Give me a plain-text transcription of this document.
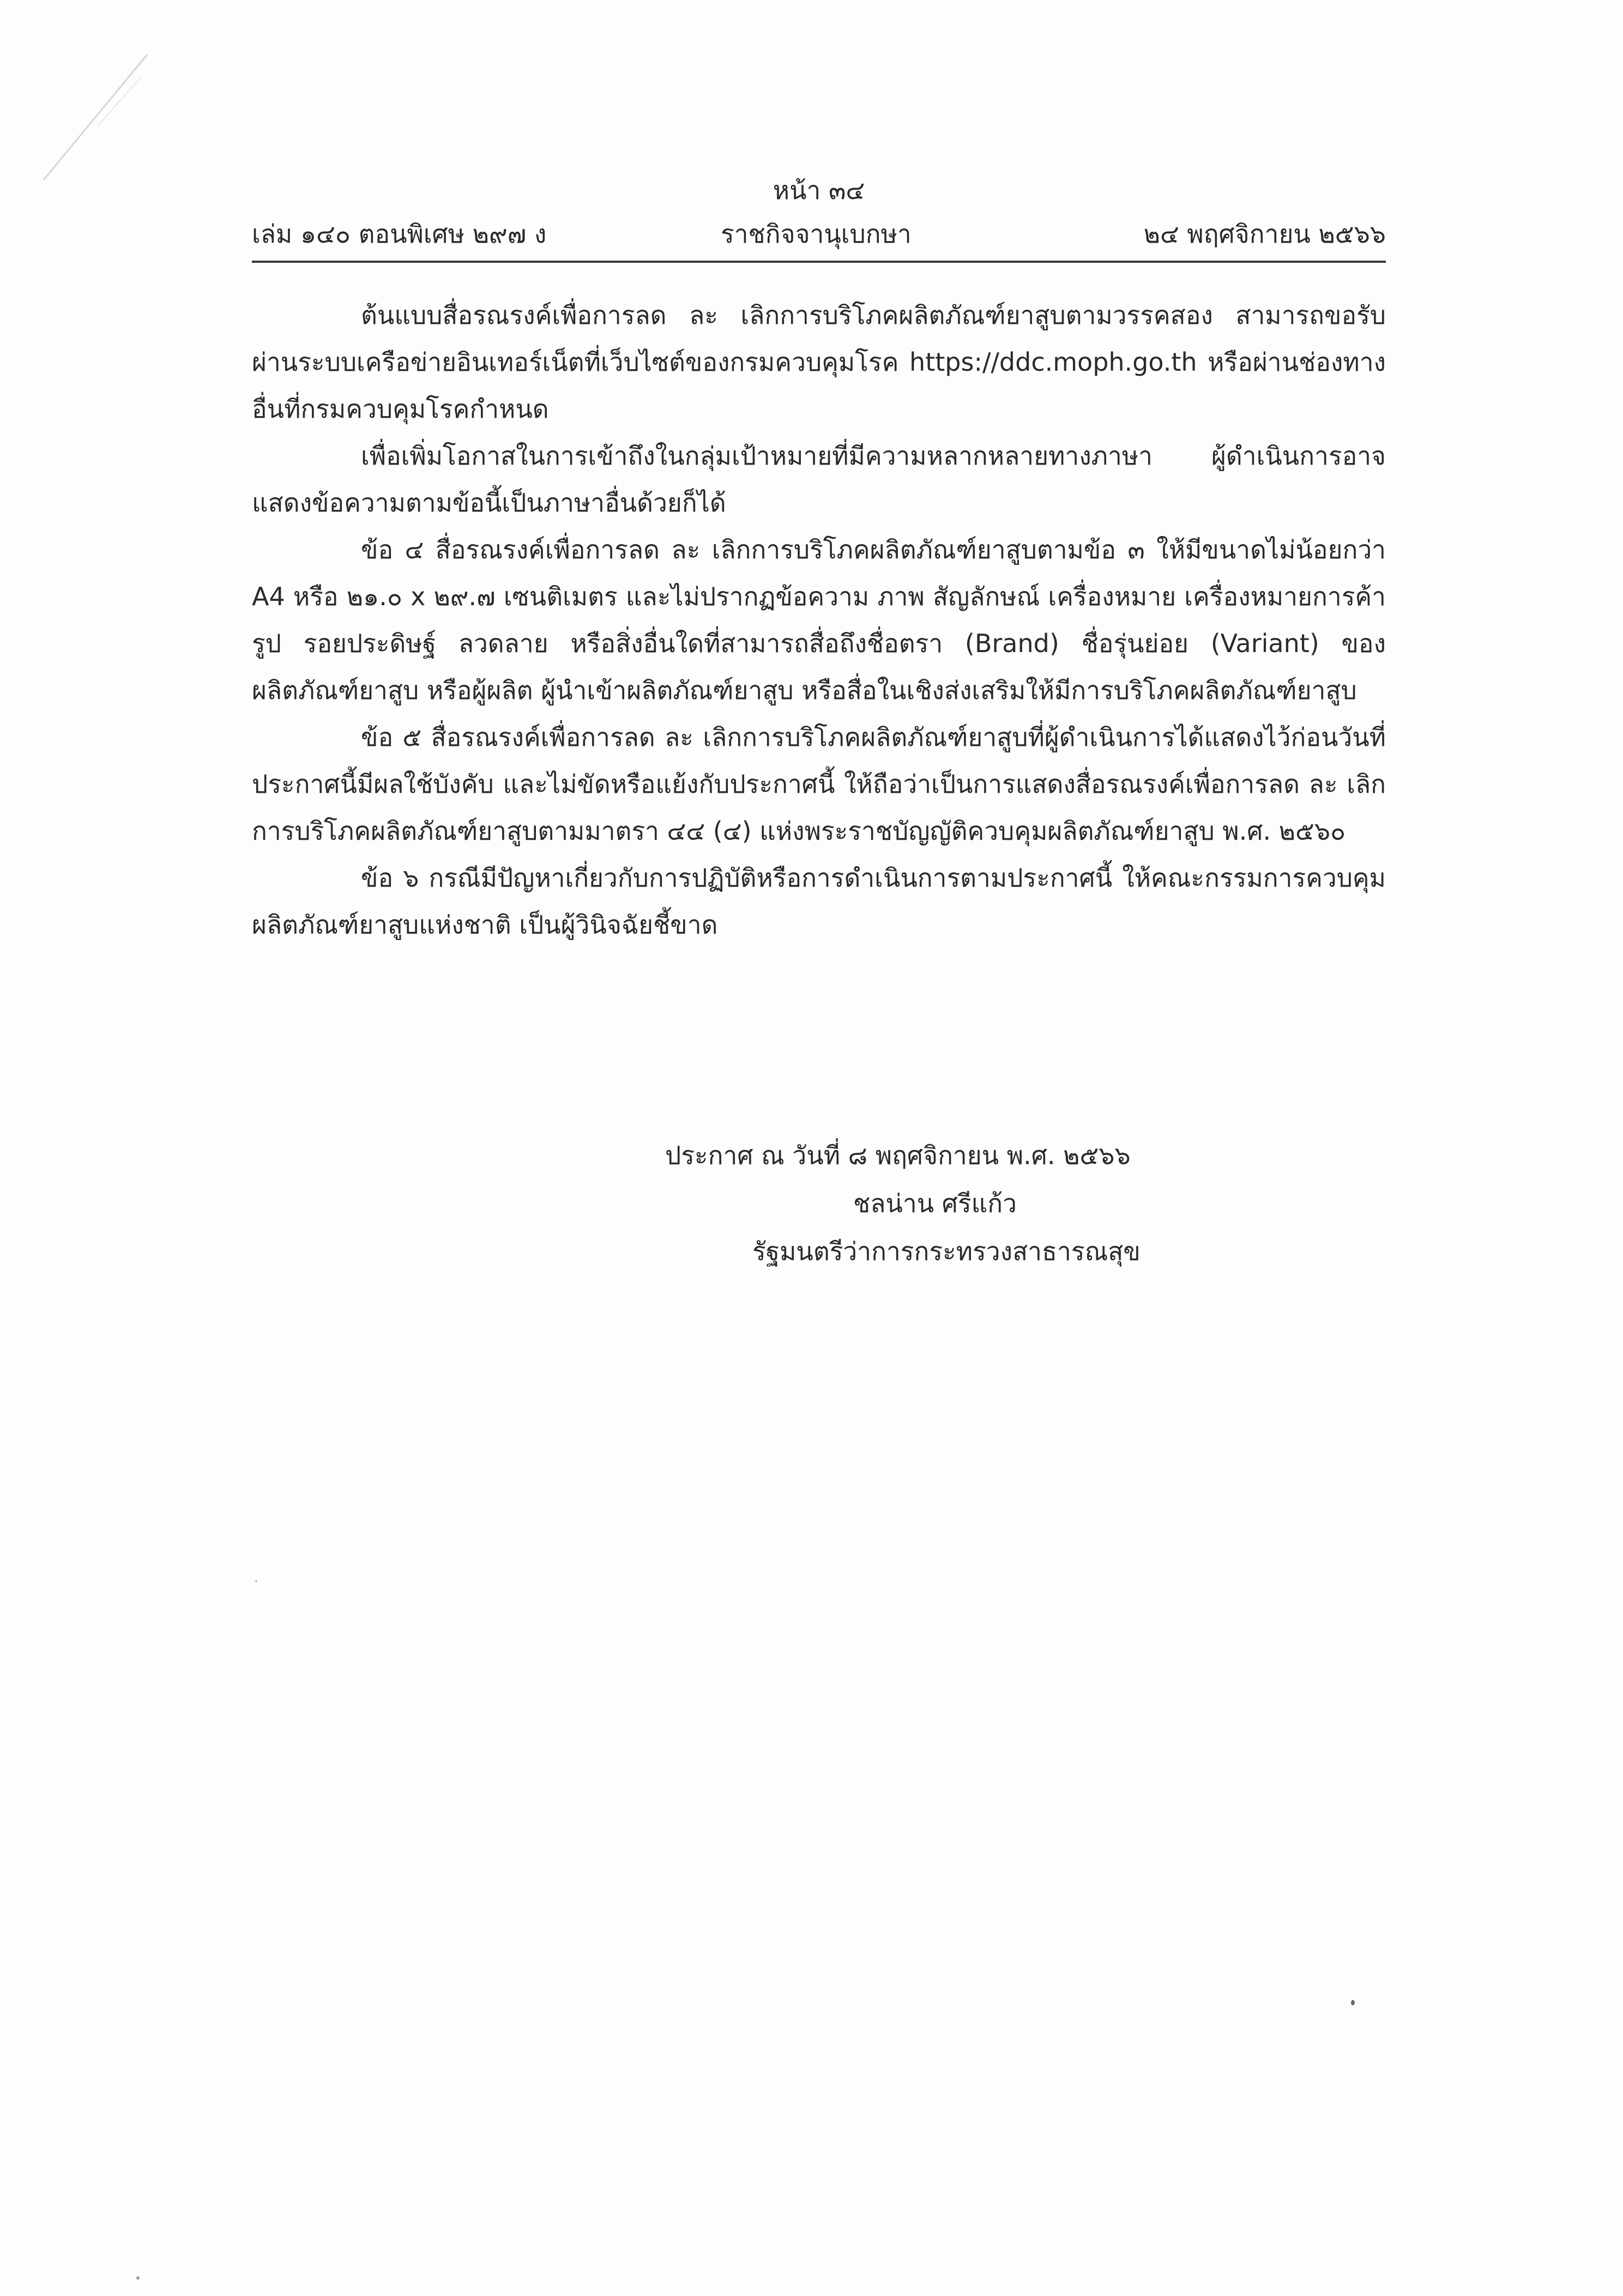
หน้า ๓๔
เล่ม ๑๔๐ ตอนพิเศษ ๒๙๗ ง	ราชกิจจานุเบกษา	๒๔ พฤศจิกายน ๒๕๖๖

ต้นแบบสื่อรณรงค์เพื่อการลด ละ เลิกการบริโภคผลิตภัณฑ์ยาสูบตามวรรคสอง สามารถขอรับผ่านระบบเครือข่ายอินเทอร์เน็ตที่เว็บไซต์ของกรมควบคุมโรค https://ddc.moph.go.th หรือผ่านช่องทางอื่นที่กรมควบคุมโรคกำหนด

เพื่อเพิ่มโอกาสในการเข้าถึงในกลุ่มเป้าหมายที่มีความหลากหลายทางภาษา ผู้ดำเนินการอาจแสดงข้อความตามข้อนี้เป็นภาษาอื่นด้วยก็ได้

ข้อ ๔ สื่อรณรงค์เพื่อการลด ละ เลิกการบริโภคผลิตภัณฑ์ยาสูบตามข้อ ๓ ให้มีขนาดไม่น้อยกว่า A4 หรือ ๒๑.๐ x ๒๙.๗ เซนติเมตร และไม่ปรากฏข้อความ ภาพ สัญลักษณ์ เครื่องหมาย เครื่องหมายการค้า รูป รอยประดิษฐ์ ลวดลาย หรือสิ่งอื่นใดที่สามารถสื่อถึงชื่อตรา (Brand) ชื่อรุ่นย่อย (Variant) ของผลิตภัณฑ์ยาสูบ หรือผู้ผลิต ผู้นำเข้าผลิตภัณฑ์ยาสูบ หรือสื่อในเชิงส่งเสริมให้มีการบริโภคผลิตภัณฑ์ยาสูบ

ข้อ ๕ สื่อรณรงค์เพื่อการลด ละ เลิกการบริโภคผลิตภัณฑ์ยาสูบที่ผู้ดำเนินการได้แสดงไว้ก่อนวันที่ประกาศนี้มีผลใช้บังคับ และไม่ขัดหรือแย้งกับประกาศนี้ ให้ถือว่าเป็นการแสดงสื่อรณรงค์เพื่อการลด ละ เลิกการบริโภคผลิตภัณฑ์ยาสูบตามมาตรา ๔๔ (๔) แห่งพระราชบัญญัติควบคุมผลิตภัณฑ์ยาสูบ พ.ศ. ๒๕๖๐

ข้อ ๖ กรณีมีปัญหาเกี่ยวกับการปฏิบัติหรือการดำเนินการตามประกาศนี้ ให้คณะกรรมการควบคุมผลิตภัณฑ์ยาสูบแห่งชาติ เป็นผู้วินิจฉัยชี้ขาด

ประกาศ ณ วันที่ ๘ พฤศจิกายน พ.ศ. ๒๕๖๖
ชลน่าน ศรีแก้ว
รัฐมนตรีว่าการกระทรวงสาธารณสุข
